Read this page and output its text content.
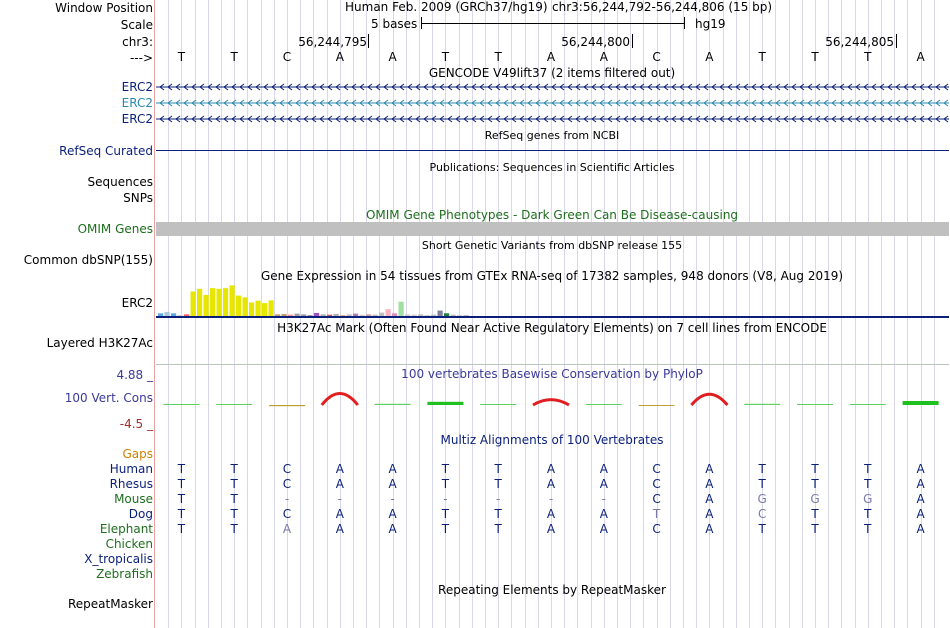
Window Position
Scale
chr3:
--->
Human Feb. 2009 (GRCh37/hg19) chr3:56,244,792-56,244,806 (15 bp)
5 bases	hg19
56,244,795	56,244,800	56,244,805
T	T	C	A	A	T	T	A	A	C	A	T	T	T	A
GENCODE V49lift37 (2 items filtered out)
ERC2
ERC2
ERC2
RefSeq genes from NCBI
RefSeq Curated
Publications: Sequences in Scientific Articles
Sequences
SNPs
OMIM Gene Phenotypes - Dark Green Can Be Disease-causing
OMIM Genes
Short Genetic Variants from dbSNP release 155
Common dbSNP(155)
Gene Expression in 54 tissues from GTEx RNA-seq of 17382 samples, 948 donors (V8, Aug 2019)
ERC2
H3K27Ac Mark (Often Found Near Active Regulatory Elements) on 7 cell lines from ENCODE
Layered H3K27Ac
100 vertebrates Basewise Conservation by PhyloP
4.88 _
100 Vert. Cons
-4.5 _
Multiz Alignments of 100 Vertebrates
Gaps
Human	T	T	C	A	A	T	T	A	A	C	A	T	T	T	A
Rhesus	T	T	C	A	A	T	T	A	A	C	A	T	T	T	A
Mouse	T	T	-	-	-	-	-	-	-	C	A	G	G	G	A
Dog	T	T	C	A	A	T	T	A	A	T	A	C	T	T	A
Elephant	T	T	A	A	A	T	T	A	A	C	A	T	T	T	A
Chicken
X_tropicalis
Zebrafish
Repeating Elements by RepeatMasker
RepeatMasker
